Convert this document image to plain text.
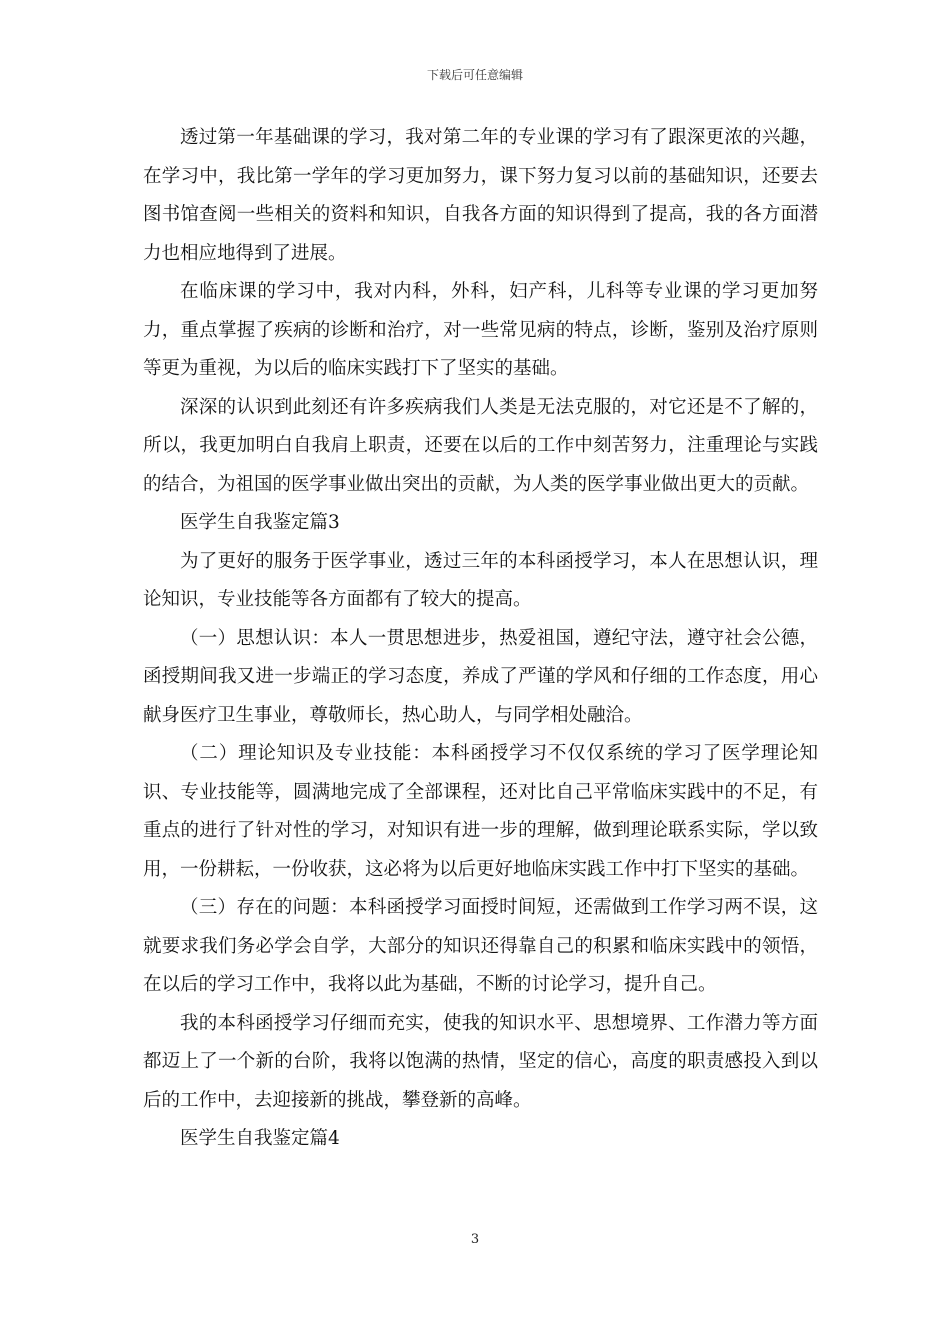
下载后可任意编辑

透过第一年基础课的学习，我对第二年的专业课的学习有了跟深更浓的兴趣，在学习中，我比第一学年的学习更加努力，课下努力复习以前的基础知识，还要去图书馆查阅一些相关的资料和知识，自我各方面的知识得到了提高，我的各方面潜力也相应地得到了进展。

在临床课的学习中，我对内科，外科，妇产科，儿科等专业课的学习更加努力，重点掌握了疾病的诊断和治疗，对一些常见病的特点，诊断，鉴别及治疗原则等更为重视，为以后的临床实践打下了坚实的基础。

深深的认识到此刻还有许多疾病我们人类是无法克服的，对它还是不了解的，所以，我更加明白自我肩上职责，还要在以后的工作中刻苦努力，注重理论与实践的结合，为祖国的医学事业做出突出的贡献，为人类的医学事业做出更大的贡献。

医学生自我鉴定篇3

为了更好的服务于医学事业，透过三年的本科函授学习，本人在思想认识，理论知识，专业技能等各方面都有了较大的提高。

（一）思想认识：本人一贯思想进步，热爱祖国，遵纪守法，遵守社会公德，函授期间我又进一步端正的学习态度，养成了严谨的学风和仔细的工作态度，用心献身医疗卫生事业，尊敬师长，热心助人，与同学相处融洽。

（二）理论知识及专业技能：本科函授学习不仅仅系统的学习了医学理论知识、专业技能等，圆满地完成了全部课程，还对比自己平常临床实践中的不足，有重点的进行了针对性的学习，对知识有进一步的理解，做到理论联系实际，学以致用，一份耕耘，一份收获，这必将为以后更好地临床实践工作中打下坚实的基础。

（三）存在的问题：本科函授学习面授时间短，还需做到工作学习两不误，这就要求我们务必学会自学，大部分的知识还得靠自己的积累和临床实践中的领悟，在以后的学习工作中，我将以此为基础，不断的讨论学习，提升自己。

我的本科函授学习仔细而充实，使我的知识水平、思想境界、工作潜力等方面都迈上了一个新的台阶，我将以饱满的热情，坚定的信心，高度的职责感投入到以后的工作中，去迎接新的挑战，攀登新的高峰。

医学生自我鉴定篇4

3
